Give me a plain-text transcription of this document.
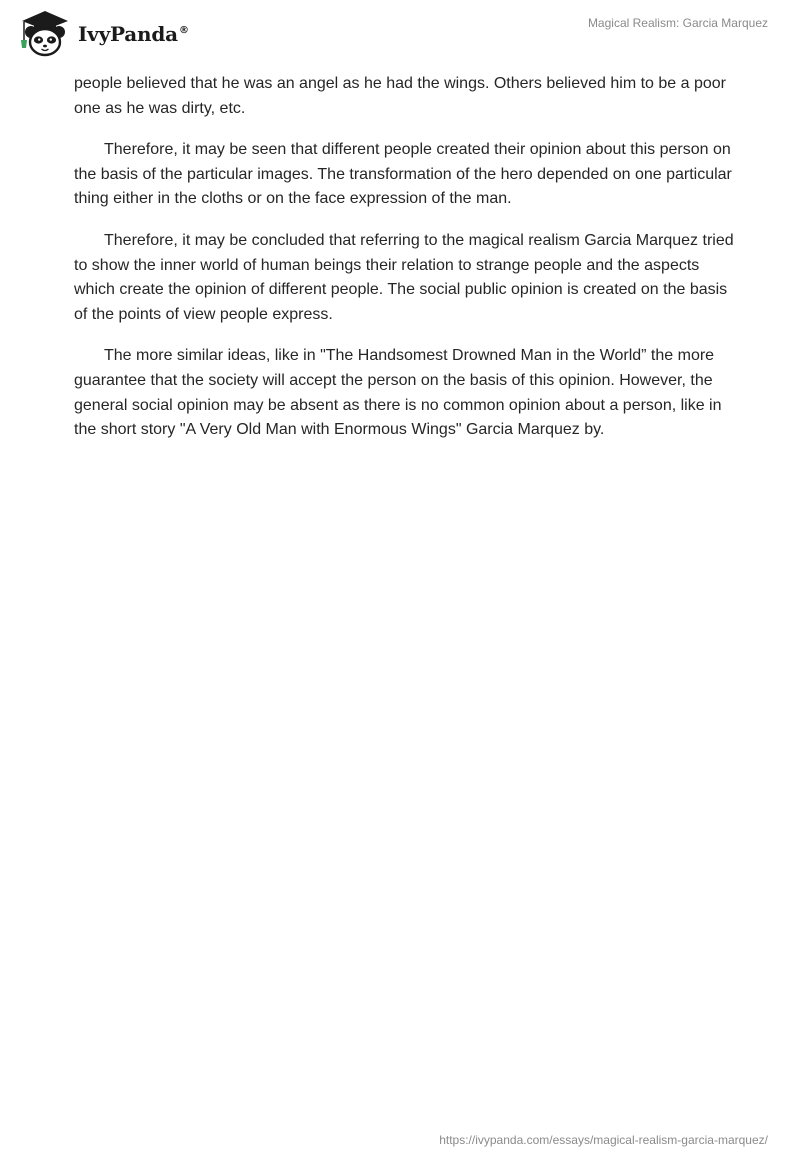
IvyPanda®
Magical Realism: Garcia Marquez

people believed that he was an angel as he had the wings. Others believed him to be a poor one as he was dirty, etc.

Therefore, it may be seen that different people created their opinion about this person on the basis of the particular images. The transformation of the hero depended on one particular thing either in the cloths or on the face expression of the man.

Therefore, it may be concluded that referring to the magical realism Garcia Marquez tried to show the inner world of human beings their relation to strange people and the aspects which create the opinion of different people. The social public opinion is created on the basis of the points of view people express.

The more similar ideas, like in "The Handsomest Drowned Man in the World” the more guarantee that the society will accept the person on the basis of this opinion. However, the general social opinion may be absent as there is no common opinion about a person, like in the short story "A Very Old Man with Enormous Wings" Garcia Marquez by.

https://ivypanda.com/essays/magical-realism-garcia-marquez/
